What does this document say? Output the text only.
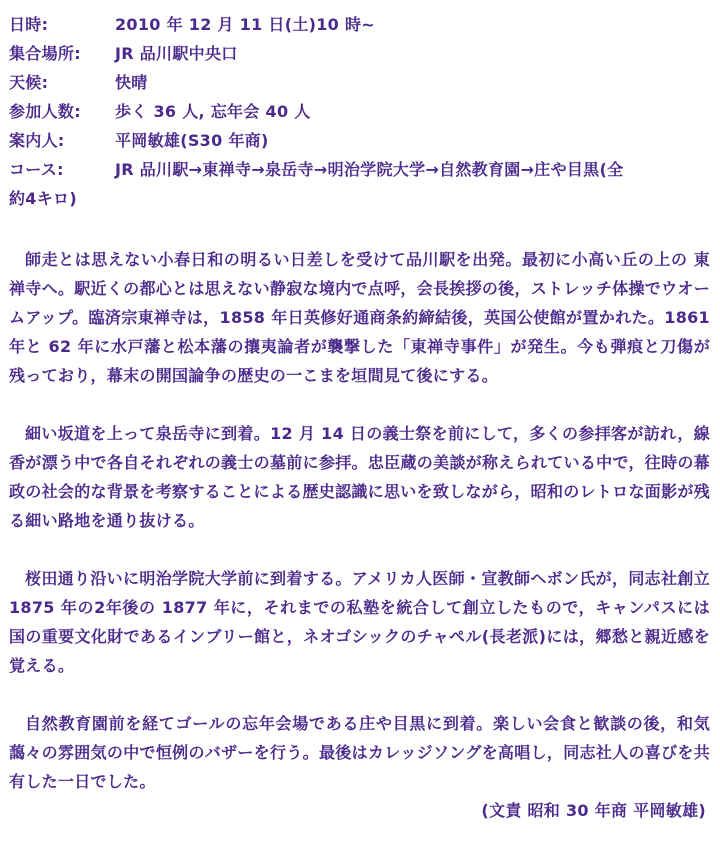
日時:	2010 年 12 月 11 日(土)10 時~
集合場所:	JR 品川駅中央口
天候:	快晴
参加人数:	歩く 36 人, 忘年会 40 人
案内人:	平岡敏雄(S30 年商)
コース:	JR 品川駅→東禅寺→泉岳寺→明治学院大学→自然教育園→庄や目黒(全
約4キロ)

師走とは思えない小春日和の明るい日差しを受けて品川駅を出発。最初に小高い丘の上の 東禅寺へ。駅近くの都心とは思えない静寂な境内で点呼，会長挨拶の後，ストレッチ体操でウオームアップ。臨済宗東禅寺は，1858 年日英修好通商条約締結後，英国公使館が置かれた。1861 年と 62 年に水戸藩と松本藩の攘夷論者が襲撃した「東禅寺事件」が発生。今も弾痕と刀傷が残っており，幕末の開国論争の歴史の一こまを垣間見て後にする。

細い坂道を上って泉岳寺に到着。12 月 14 日の義士祭を前にして，多くの参拝客が訪れ，線香が漂う中で各自それぞれの義士の墓前に参拝。忠臣蔵の美談が称えられている中で，往時の幕政の社会的な背景を考察することによる歴史認識に思いを致しながら，昭和のレトロな面影が残る細い路地を通り抜ける。

桜田通り沿いに明治学院大学前に到着する。アメリカ人医師・宣教師ヘボン氏が，同志社創立 1875 年の2年後の 1877 年に，それまでの私塾を統合して創立したもので，キャンパスには国の重要文化財であるインブリー館と，ネオゴシックのチャペル(長老派)には，郷愁と親近感を覚える。

自然教育園前を経てゴールの忘年会場である庄や目黒に到着。楽しい会食と歓談の後，和気藹々の雰囲気の中で恒例のバザーを行う。最後はカレッジソングを高唱し，同志社人の喜びを共有した一日でした。

(文責 昭和 30 年商 平岡敏雄)
